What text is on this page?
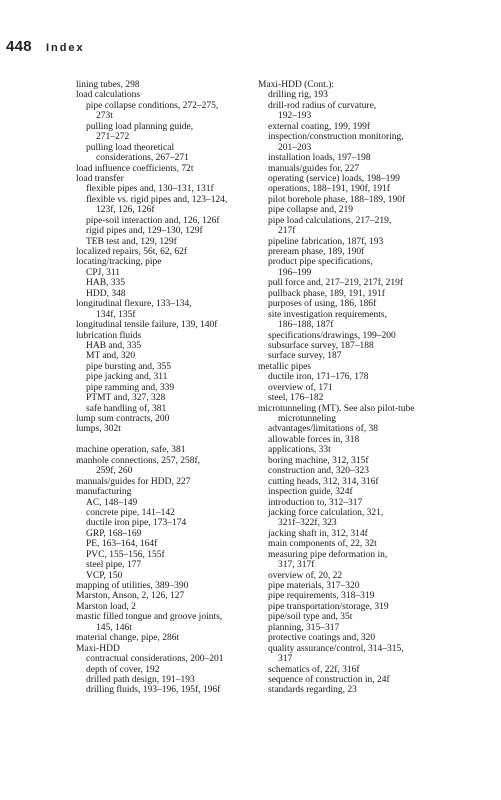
448 Index
lining tubes, 298
load calculations
pipe collapse conditions, 272–275,
273t
pulling load planning guide,
271–272
pulling load theoretical
considerations, 267–271
load influence coefficients, 72t
load transfer
flexible pipes and, 130–131, 131f
flexible vs. rigid pipes and, 123–124,
123f, 126, 126f
pipe-soil interaction and, 126, 126f
rigid pipes and, 129–130, 129f
TEB test and, 129, 129f
localized repairs, 56t, 62, 62f
locating/tracking, pipe
CPJ, 311
HAB, 335
HDD, 348
longitudinal flexure, 133–134,
134f, 135f
longitudinal tensile failure, 139, 140f
lubrication fluids
HAB and, 335
MT and, 320
pipe bursting and, 355
pipe jacking and, 311
pipe ramming and, 339
PTMT and, 327, 328
safe handling of, 381
lump sum contracts, 200
lumps, 302t
machine operation, safe, 381
manhole connections, 257, 258f,
259f, 260
manuals/guides for HDD, 227
manufacturing
AC, 148–149
concrete pipe, 141–142
ductile iron pipe, 173–174
GRP, 168–169
PE, 163–164, 164f
PVC, 155–156, 155f
steel pipe, 177
VCP, 150
mapping of utilities, 389–390
Marston, Anson, 2, 126, 127
Marston load, 2
mastic filled tongue and groove joints,
145, 146t
material change, pipe, 286t
Maxi-HDD
contractual considerations, 200–201
depth of cover, 192
drilled path design, 191–193
drilling fluids, 193–196, 195f, 196f
Maxi-HDD (Cont.):
drilling rig, 193
drill-rod radius of curvature,
192–193
external coating, 199, 199f
inspection/construction monitoring,
201–203
installation loads, 197–198
manuals/guides for, 227
operating (service) loads, 198–199
operations, 188–191, 190f, 191f
pilot borehole phase, 188–189, 190f
pipe collapse and, 219
pipe load calculations, 217–219,
217f
pipeline fabrication, 187f, 193
preream phase, 189, 190f
product pipe specifications,
196–199
pull force and, 217–219, 217f, 219f
pullback phase, 189, 191, 191f
purposes of using, 186, 186f
site investigation requirements,
186–188, 187f
specifications/drawings, 199–200
subsurface survey, 187–188
surface survey, 187
metallic pipes
ductile iron, 171–176, 178
overview of, 171
steel, 176–182
microtunneling (MT). See also pilot-tube
microtunneling
advantages/limitations of, 38
allowable forces in, 318
applications, 33t
boring machine, 312, 315f
construction and, 320–323
cutting heads, 312, 314, 316f
inspection guide, 324f
introduction to, 312–317
jacking force calculation, 321,
321f–322f, 323
jacking shaft in, 312, 314f
main components of, 22, 32t
measuring pipe deformation in,
317, 317f
overview of, 20, 22
pipe materials, 317–320
pipe requirements, 318–319
pipe transportation/storage, 319
pipe/soil type and, 35t
planning, 315–317
protective coatings and, 320
quality assurance/control, 314–315,
317
schematics of, 22f, 316f
sequence of construction in, 24f
standards regarding, 23
